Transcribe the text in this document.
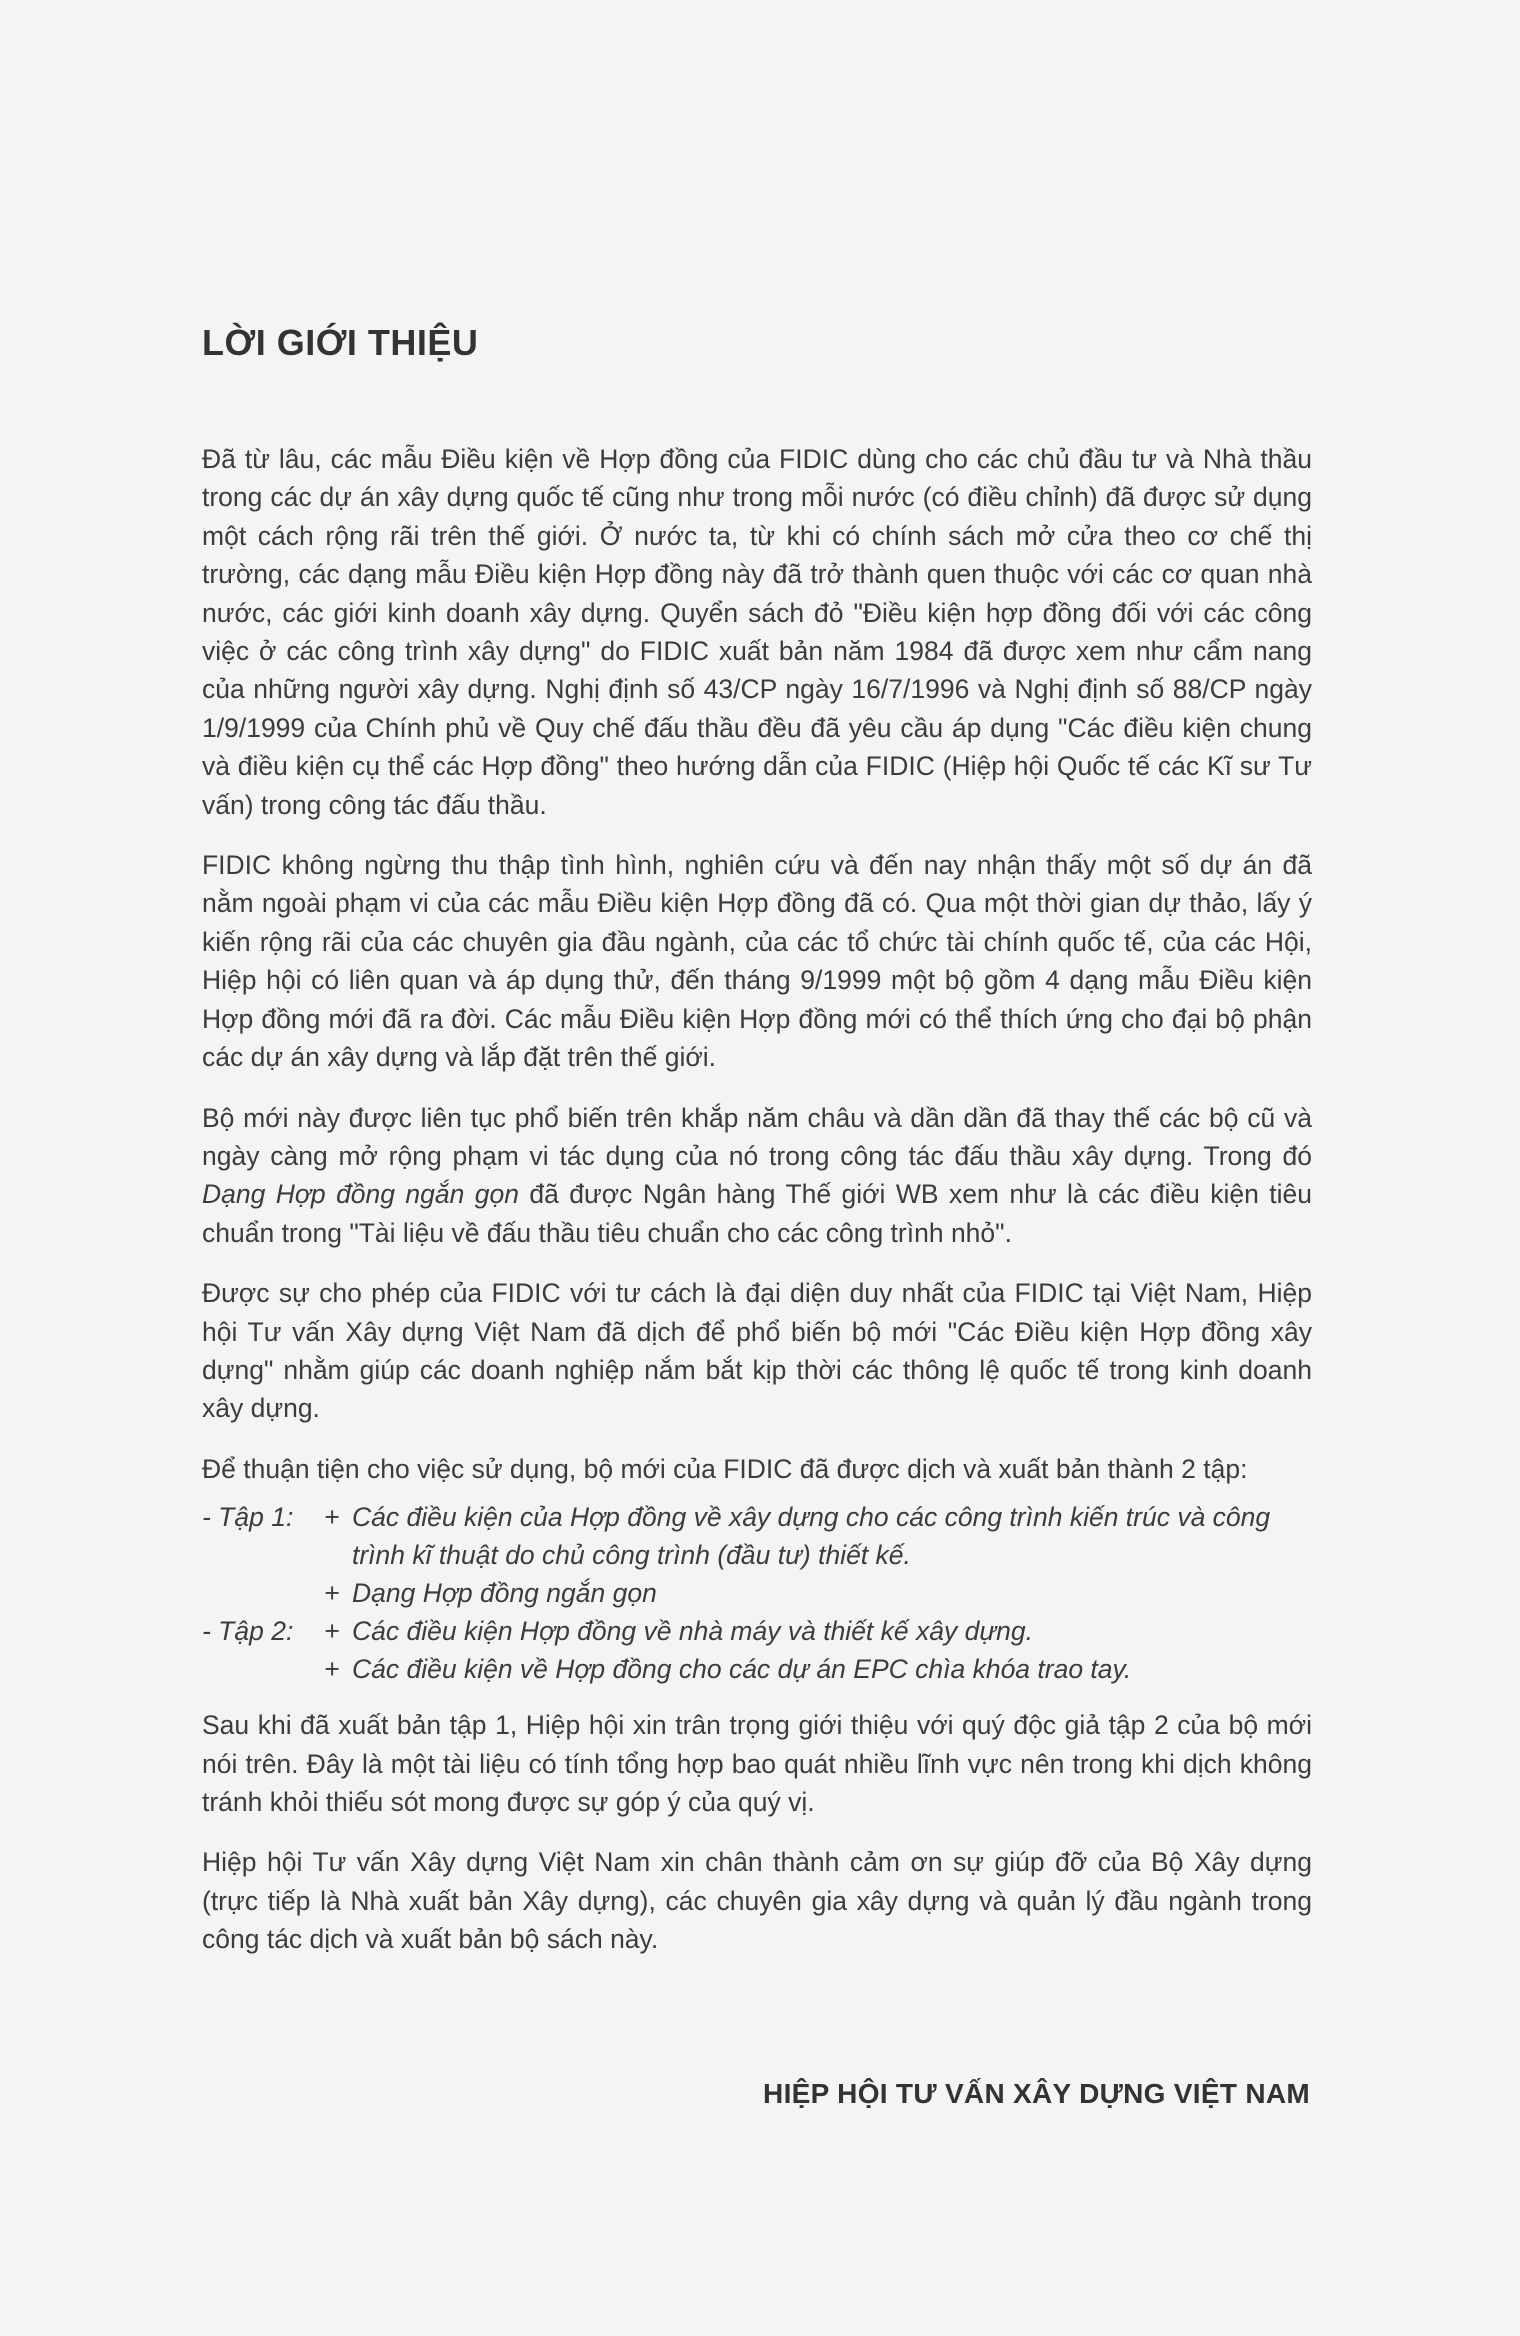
LỜI GIỚI THIỆU

Đã từ lâu, các mẫu Điều kiện về Hợp đồng của FIDIC dùng cho các chủ đầu tư và Nhà thầu trong các dự án xây dựng quốc tế cũng như trong mỗi nước (có điều chỉnh) đã được sử dụng một cách rộng rãi trên thế giới. Ở nước ta, từ khi có chính sách mở cửa theo cơ chế thị trường, các dạng mẫu Điều kiện Hợp đồng này đã trở thành quen thuộc với các cơ quan nhà nước, các giới kinh doanh xây dựng. Quyển sách đỏ "Điều kiện hợp đồng đối với các công việc ở các công trình xây dựng" do FIDIC xuất bản năm 1984 đã được xem như cẩm nang của những người xây dựng. Nghị định số 43/CP ngày 16/7/1996 và Nghị định số 88/CP ngày 1/9/1999 của Chính phủ về Quy chế đấu thầu đều đã yêu cầu áp dụng "Các điều kiện chung và điều kiện cụ thể các Hợp đồng" theo hướng dẫn của FIDIC (Hiệp hội Quốc tế các Kĩ sư Tư vấn) trong công tác đấu thầu.

FIDIC không ngừng thu thập tình hình, nghiên cứu và đến nay nhận thấy một số dự án đã nằm ngoài phạm vi của các mẫu Điều kiện Hợp đồng đã có. Qua một thời gian dự thảo, lấy ý kiến rộng rãi của các chuyên gia đầu ngành, của các tổ chức tài chính quốc tế, của các Hội, Hiệp hội có liên quan và áp dụng thử, đến tháng 9/1999 một bộ gồm 4 dạng mẫu Điều kiện Hợp đồng mới đã ra đời. Các mẫu Điều kiện Hợp đồng mới có thể thích ứng cho đại bộ phận các dự án xây dựng và lắp đặt trên thế giới.

Bộ mới này được liên tục phổ biến trên khắp năm châu và dần dần đã thay thế các bộ cũ và ngày càng mở rộng phạm vi tác dụng của nó trong công tác đấu thầu xây dựng. Trong đó Dạng Hợp đồng ngắn gọn đã được Ngân hàng Thế giới WB xem như là các điều kiện tiêu chuẩn trong "Tài liệu về đấu thầu tiêu chuẩn cho các công trình nhỏ".

Được sự cho phép của FIDIC với tư cách là đại diện duy nhất của FIDIC tại Việt Nam, Hiệp hội Tư vấn Xây dựng Việt Nam đã dịch để phổ biến bộ mới "Các Điều kiện Hợp đồng xây dựng" nhằm giúp các doanh nghiệp nắm bắt kịp thời các thông lệ quốc tế trong kinh doanh xây dựng.

Để thuận tiện cho việc sử dụng, bộ mới của FIDIC đã được dịch và xuất bản thành 2 tập:

- Tập 1:	+ Các điều kiện của Hợp đồng về xây dựng cho các công trình kiến trúc và công trình kĩ thuật do chủ công trình (đầu tư) thiết kế.
+ Dạng Hợp đồng ngắn gọn
- Tập 2:	+ Các điều kiện Hợp đồng về nhà máy và thiết kế xây dựng.
+ Các điều kiện về Hợp đồng cho các dự án EPC chìa khóa trao tay.

Sau khi đã xuất bản tập 1, Hiệp hội xin trân trọng giới thiệu với quý độc giả tập 2 của bộ mới nói trên. Đây là một tài liệu có tính tổng hợp bao quát nhiều lĩnh vực nên trong khi dịch không tránh khỏi thiếu sót mong được sự góp ý của quý vị.

Hiệp hội Tư vấn Xây dựng Việt Nam xin chân thành cảm ơn sự giúp đỡ của Bộ Xây dựng (trực tiếp là Nhà xuất bản Xây dựng), các chuyên gia xây dựng và quản lý đầu ngành trong công tác dịch và xuất bản bộ sách này.

HIỆP HỘI TƯ VẤN XÂY DỰNG VIỆT NAM
